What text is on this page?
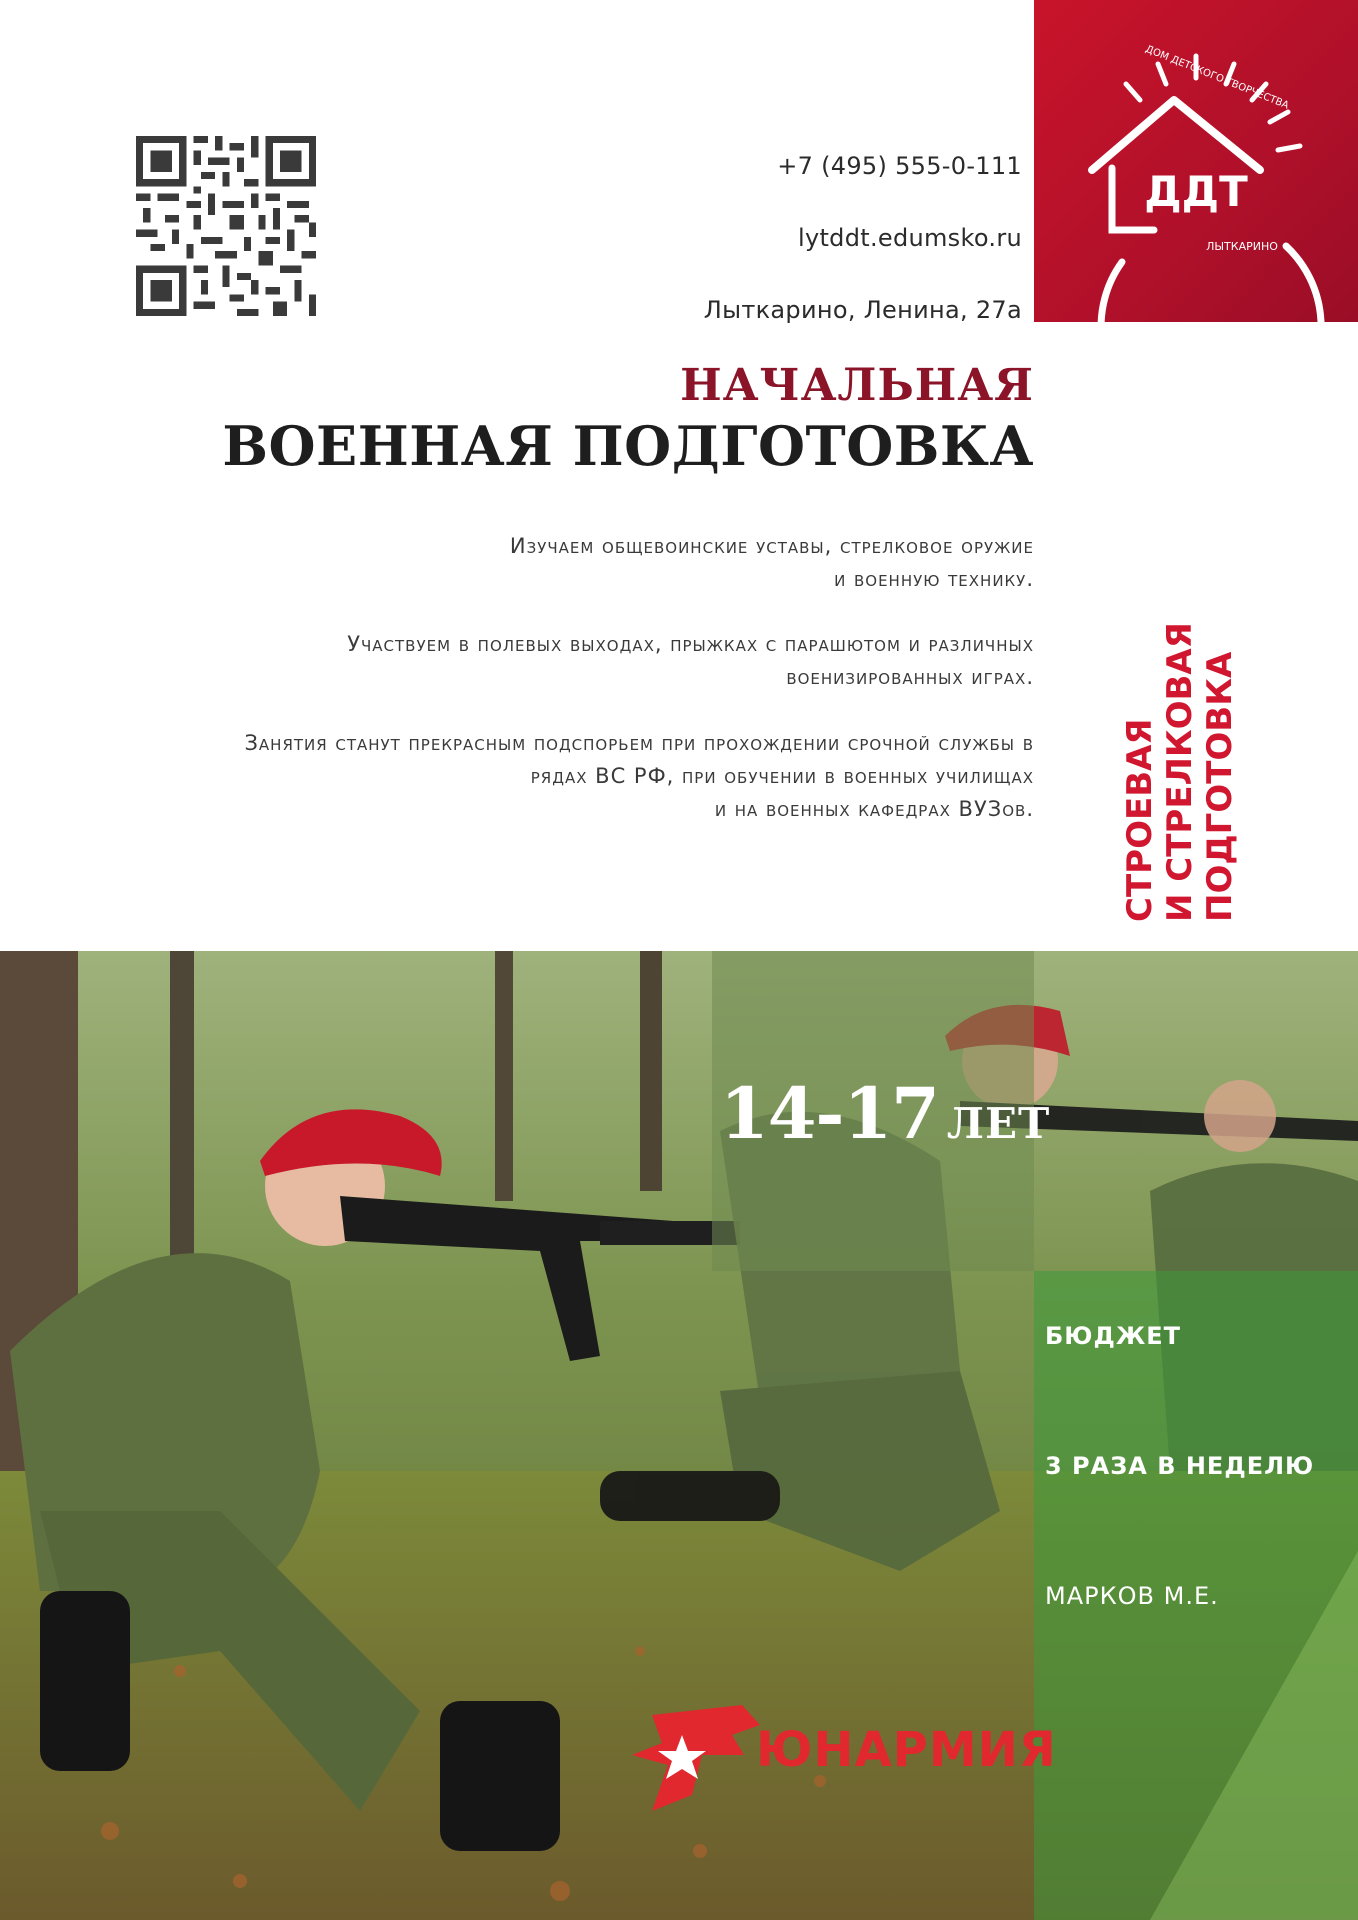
ДДТ
ЛЫТКАРИНО
ДОМ ДЕТСКОГО ТВОРЧЕСТВА
+7 (495) 555-0-111
lytddt.edumsko.ru
Лыткарино, Ленина, 27а
НАЧАЛЬНАЯ
ВОЕННАЯ ПОДГОТОВКА
Изучаем общевоинские уставы, стрелковое оружие
и военную технику.
Участвуем в полевых выходах, прыжках с парашютом и различных
военизированных играх.
Занятия станут прекрасным подспорьем при прохождении срочной службы в
рядах ВС РФ, при обучении в военных училищах
и на военных кафедрах ВУЗов.	СТРОЕВАЯ И СТРЕЛКОВАЯ ПОДГОТОВКА
14-17 ЛЕТ
БЮДЖЕТ
3 РАЗА В НЕДЕЛЮ
МАРКОВ М.Е.
ЮНАРМИЯ
